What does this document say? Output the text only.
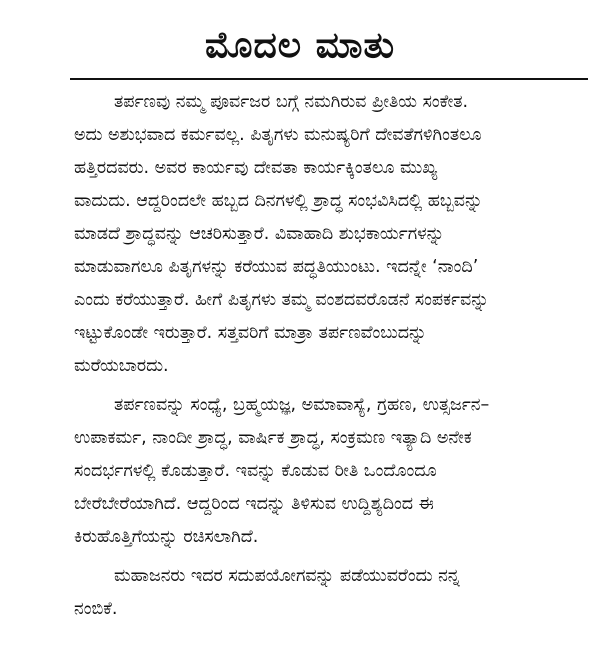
ಮೊದಲ ಮಾತು

ತರ್ಪಣವು ನಮ್ಮ ಪೂರ್ವಜರ ಬಗ್ಗೆ ನಮಗಿರುವ ಪ್ರೀತಿಯ ಸಂಕೇತ.
ಅದು ಅಶುಭವಾದ ಕರ್ಮವಲ್ಲ. ಪಿತೃಗಳು ಮನುಷ್ಯರಿಗೆ ದೇವತೆಗಳಿಗಿಂತಲೂ
ಹತ್ತಿರದವರು. ಅವರ ಕಾರ್ಯವು ದೇವತಾ ಕಾರ್ಯಕ್ಕಿಂತಲೂ ಮುಖ್ಯ
ವಾದುದು. ಆದ್ದರಿಂದಲೇ ಹಬ್ಬದ ದಿನಗಳಲ್ಲಿ ಶ್ರಾದ್ಧ ಸಂಭವಿಸಿದಲ್ಲಿ ಹಬ್ಬವನ್ನು
ಮಾಡದೆ ಶ್ರಾದ್ಧವನ್ನು ಆಚರಿಸುತ್ತಾರೆ. ವಿವಾಹಾದಿ ಶುಭಕಾರ್ಯಗಳನ್ನು
ಮಾಡುವಾಗಲೂ ಪಿತೃಗಳನ್ನು ಕರೆಯುವ ಪದ್ಧತಿಯುಂಟು. ಇದನ್ನೇ ‘ನಾಂದಿ’
ಎಂದು ಕರೆಯುತ್ತಾರೆ. ಹೀಗೆ ಪಿತೃಗಳು ತಮ್ಮ ವಂಶದವರೊಡನೆ ಸಂಪರ್ಕವನ್ನು
ಇಟ್ಟುಕೊಂಡೇ ಇರುತ್ತಾರೆ. ಸತ್ತವರಿಗೆ ಮಾತ್ರಾ ತರ್ಪಣವೆಂಬುದನ್ನು
ಮರೆಯಬಾರದು.

ತರ್ಪಣವನ್ನು ಸಂಧ್ಯೆ, ಬ್ರಹ್ಮಯಜ್ಞ, ಅಮಾವಾಸ್ಯೆ, ಗ್ರಹಣ, ಉತ್ಸರ್ಜನ–
ಉಪಾಕರ್ಮ, ನಾಂದೀ ಶ್ರಾದ್ಧ, ವಾರ್ಷಿಕ ಶ್ರಾದ್ಧ, ಸಂಕ್ರಮಣ ಇತ್ಯಾದಿ ಅನೇಕ
ಸಂದರ್ಭಗಳಲ್ಲಿ ಕೊಡುತ್ತಾರೆ. ಇವನ್ನು ಕೊಡುವ ರೀತಿ ಒಂದೊಂದೂ
ಬೇರೆಬೇರೆಯಾಗಿದೆ. ಆದ್ದರಿಂದ ಇದನ್ನು ತಿಳಿಸುವ ಉದ್ದಿಶ್ಯದಿಂದ ಈ
ಕಿರುಹೊತ್ತಿಗೆಯನ್ನು ರಚಿಸಲಾಗಿದೆ.

ಮಹಾಜನರು ಇದರ ಸದುಪಯೋಗವನ್ನು ಪಡೆಯುವರೆಂದು ನನ್ನ
ನಂಬಿಕೆ.
